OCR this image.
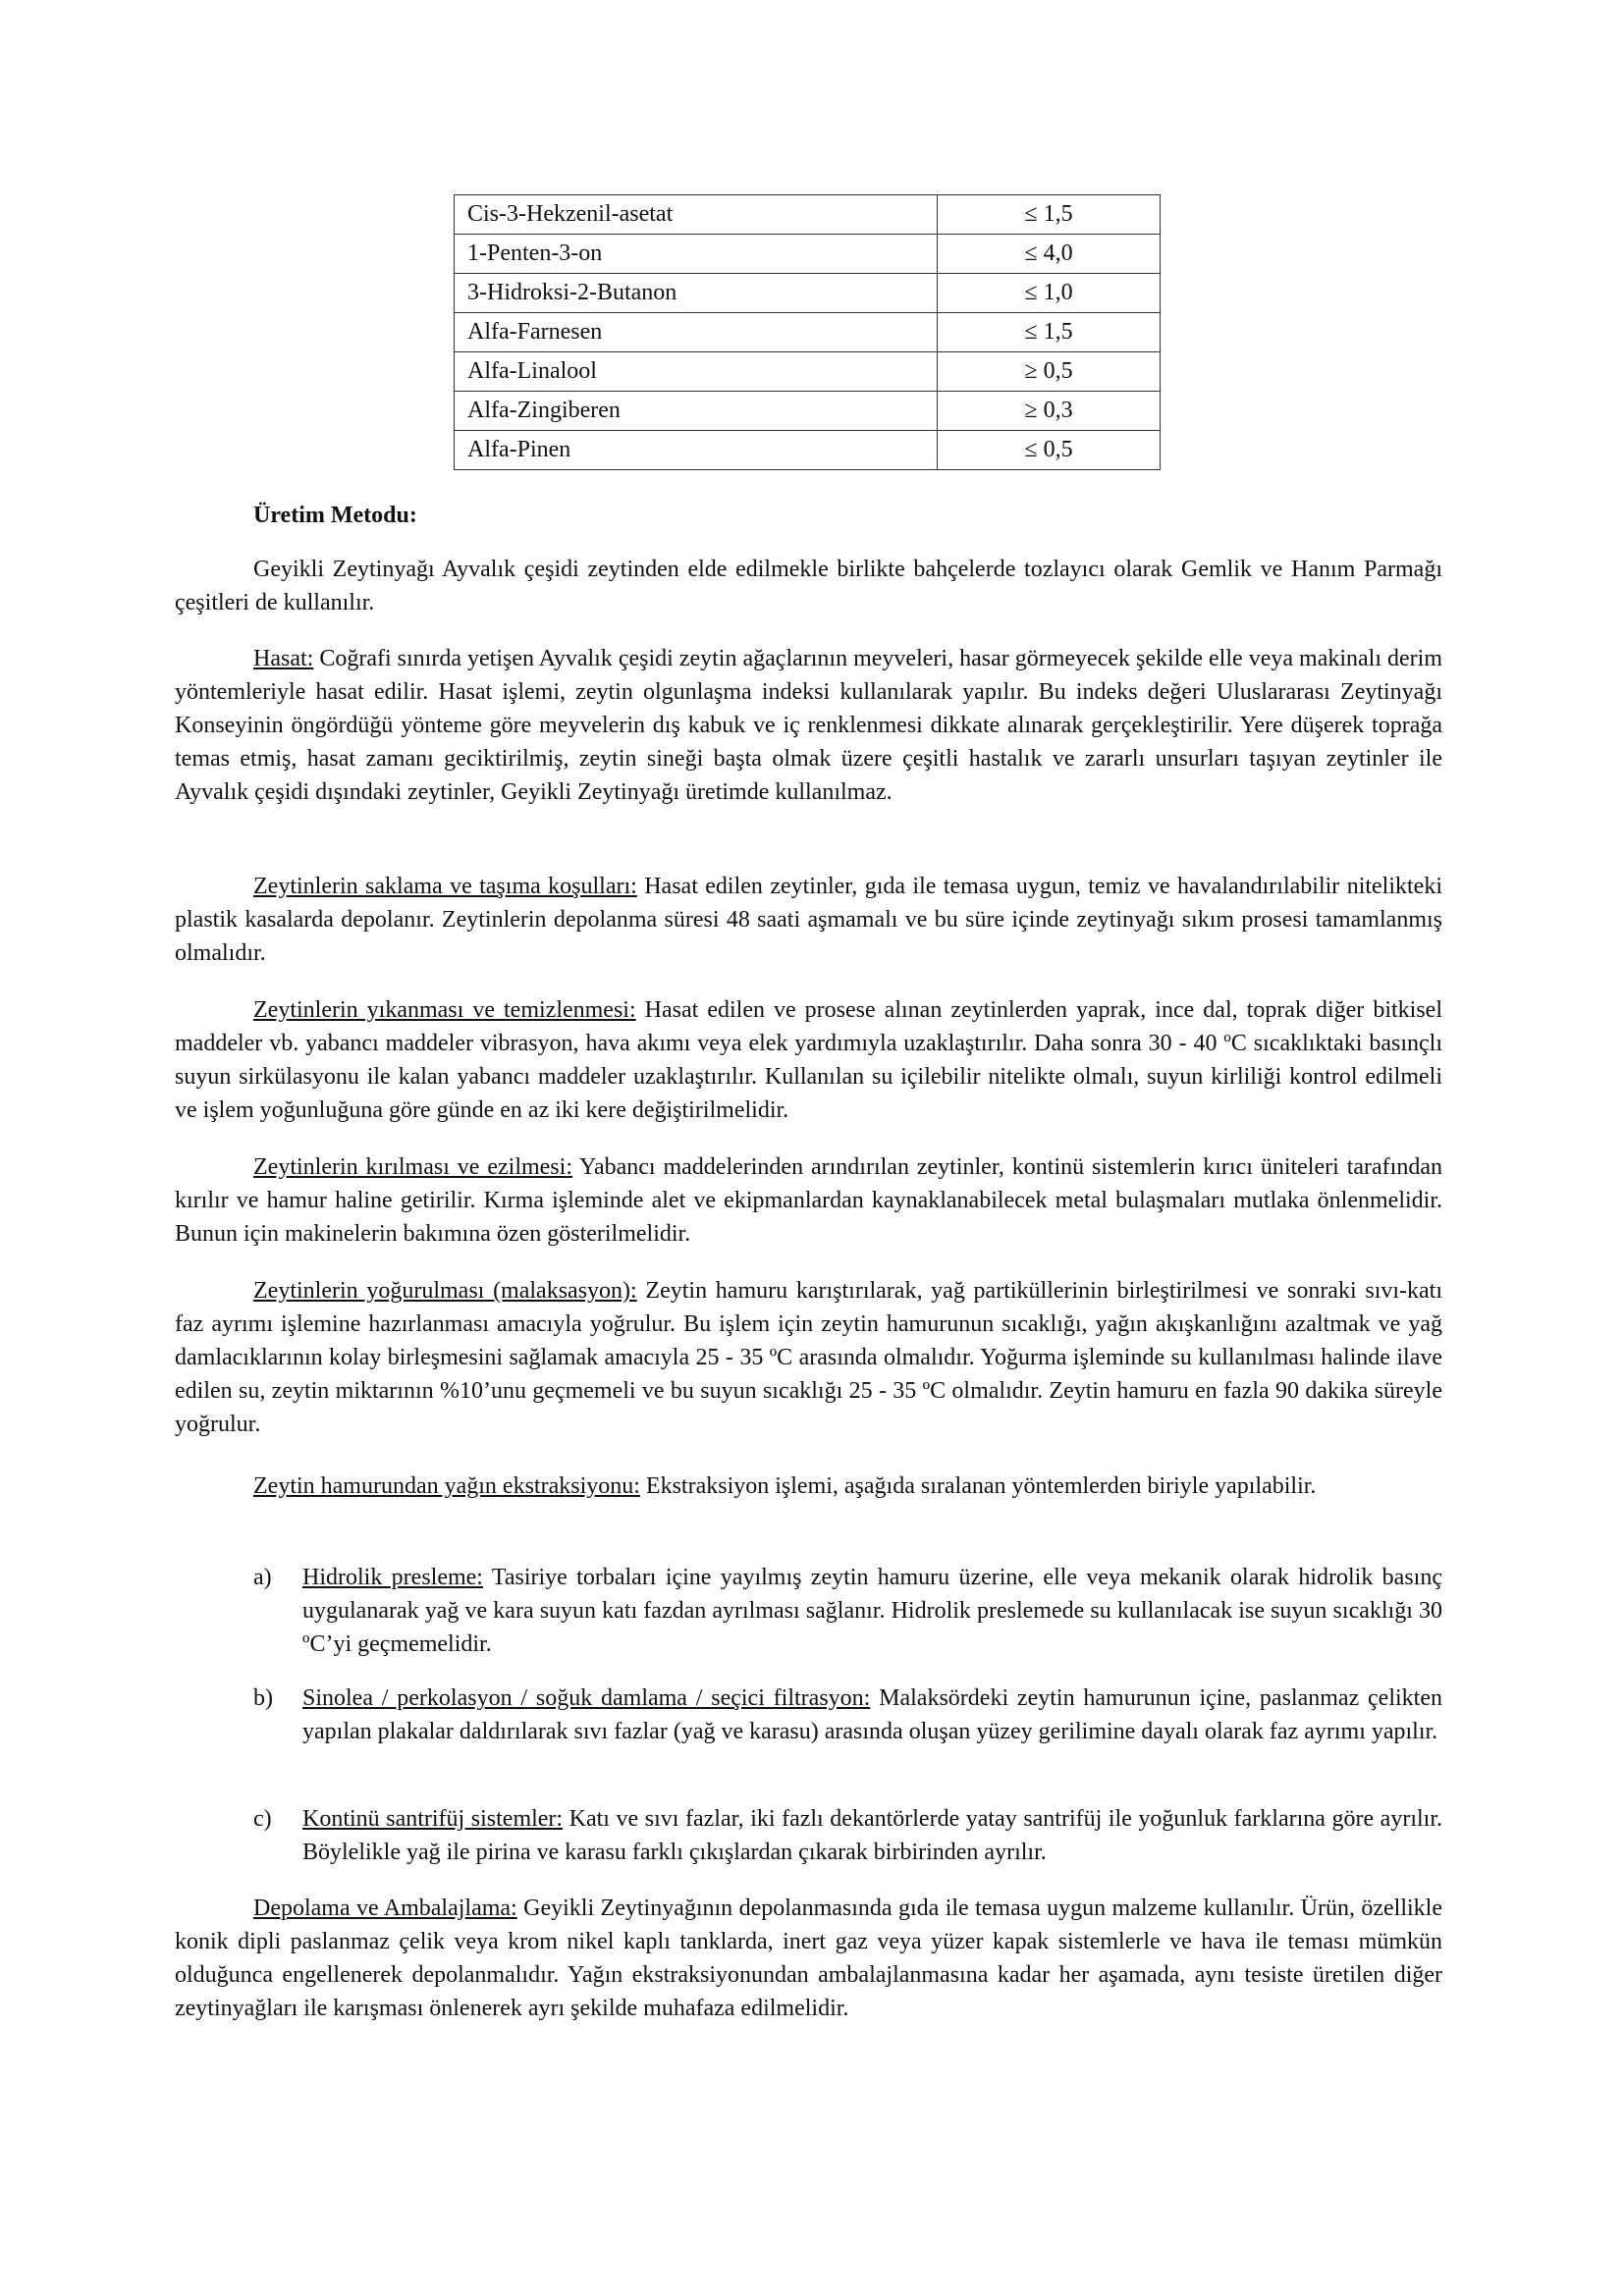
Cis-3-Hekzenil-asetat	≤ 1,5
1-Penten-3-on	≤ 4,0
3-Hidroksi-2-Butanon	≤ 1,0
Alfa-Farnesen	≤ 1,5
Alfa-Linalool	≥ 0,5
Alfa-Zingiberen	≥ 0,3
Alfa-Pinen	≤ 0,5
Üretim Metodu:

Geyikli Zeytinyağı Ayvalık çeşidi zeytinden elde edilmekle birlikte bahçelerde tozlayıcı olarak Gemlik ve Hanım Parmağı çeşitleri de kullanılır.

Hasat: Coğrafi sınırda yetişen Ayvalık çeşidi zeytin ağaçlarının meyveleri, hasar görmeyecek şekilde elle veya makinalı derim yöntemleriyle hasat edilir. Hasat işlemi, zeytin olgunlaşma indeksi kullanılarak yapılır. Bu indeks değeri Uluslararası Zeytinyağı Konseyinin öngördüğü yönteme göre meyvelerin dış kabuk ve iç renklenmesi dikkate alınarak gerçekleştirilir. Yere düşerek toprağa temas etmiş, hasat zamanı geciktirilmiş, zeytin sineği başta olmak üzere çeşitli hastalık ve zararlı unsurları taşıyan zeytinler ile Ayvalık çeşidi dışındaki zeytinler, Geyikli Zeytinyağı üretimde kullanılmaz.

Zeytinlerin saklama ve taşıma koşulları: Hasat edilen zeytinler, gıda ile temasa uygun, temiz ve havalandırılabilir nitelikteki plastik kasalarda depolanır. Zeytinlerin depolanma süresi 48 saati aşmamalı ve bu süre içinde zeytinyağı sıkım prosesi tamamlanmış olmalıdır.

Zeytinlerin yıkanması ve temizlenmesi: Hasat edilen ve prosese alınan zeytinlerden yaprak, ince dal, toprak diğer bitkisel maddeler vb. yabancı maddeler vibrasyon, hava akımı veya elek yardımıyla uzaklaştırılır. Daha sonra 30 - 40 ºC sıcaklıktaki basınçlı suyun sirkülasyonu ile kalan yabancı maddeler uzaklaştırılır. Kullanılan su içilebilir nitelikte olmalı, suyun kirliliği kontrol edilmeli ve işlem yoğunluğuna göre günde en az iki kere değiştirilmelidir.

Zeytinlerin kırılması ve ezilmesi: Yabancı maddelerinden arındırılan zeytinler, kontinü sistemlerin kırıcı üniteleri tarafından kırılır ve hamur haline getirilir. Kırma işleminde alet ve ekipmanlardan kaynaklanabilecek metal bulaşmaları mutlaka önlenmelidir. Bunun için makinelerin bakımına özen gösterilmelidir.

Zeytinlerin yoğurulması (malaksasyon): Zeytin hamuru karıştırılarak, yağ partiküllerinin birleştirilmesi ve sonraki sıvı-katı faz ayrımı işlemine hazırlanması amacıyla yoğrulur. Bu işlem için zeytin hamurunun sıcaklığı, yağın akışkanlığını azaltmak ve yağ damlacıklarının kolay birleşmesini sağlamak amacıyla 25 - 35 ºC arasında olmalıdır. Yoğurma işleminde su kullanılması halinde ilave edilen su, zeytin miktarının %10’unu geçmemeli ve bu suyun sıcaklığı 25 - 35 ºC olmalıdır. Zeytin hamuru en fazla 90 dakika süreyle yoğrulur.

Zeytin hamurundan yağın ekstraksiyonu: Ekstraksiyon işlemi, aşağıda sıralanan yöntemlerden biriyle yapılabilir.

a)	Hidrolik presleme: Tasiriye torbaları içine yayılmış zeytin hamuru üzerine, elle veya mekanik olarak hidrolik basınç uygulanarak yağ ve kara suyun katı fazdan ayrılması sağlanır. Hidrolik preslemede su kullanılacak ise suyun sıcaklığı 30 ºC’yi geçmemelidir.
b)	Sinolea / perkolasyon / soğuk damlama / seçici filtrasyon: Malaksördeki zeytin hamurunun içine, paslanmaz çelikten yapılan plakalar daldırılarak sıvı fazlar (yağ ve karasu) arasında oluşan yüzey gerilimine dayalı olarak faz ayrımı yapılır.
c)	Kontinü santrifüj sistemler: Katı ve sıvı fazlar, iki fazlı dekantörlerde yatay santrifüj ile yoğunluk farklarına göre ayrılır. Böylelikle yağ ile pirina ve karasu farklı çıkışlardan çıkarak birbirinden ayrılır.

Depolama ve Ambalajlama: Geyikli Zeytinyağının depolanmasında gıda ile temasa uygun malzeme kullanılır. Ürün, özellikle konik dipli paslanmaz çelik veya krom nikel kaplı tanklarda, inert gaz veya yüzer kapak sistemlerle ve hava ile teması mümkün olduğunca engellenerek depolanmalıdır. Yağın ekstraksiyonundan ambalajlanmasına kadar her aşamada, aynı tesiste üretilen diğer zeytinyağları ile karışması önlenerek ayrı şekilde muhafaza edilmelidir.
